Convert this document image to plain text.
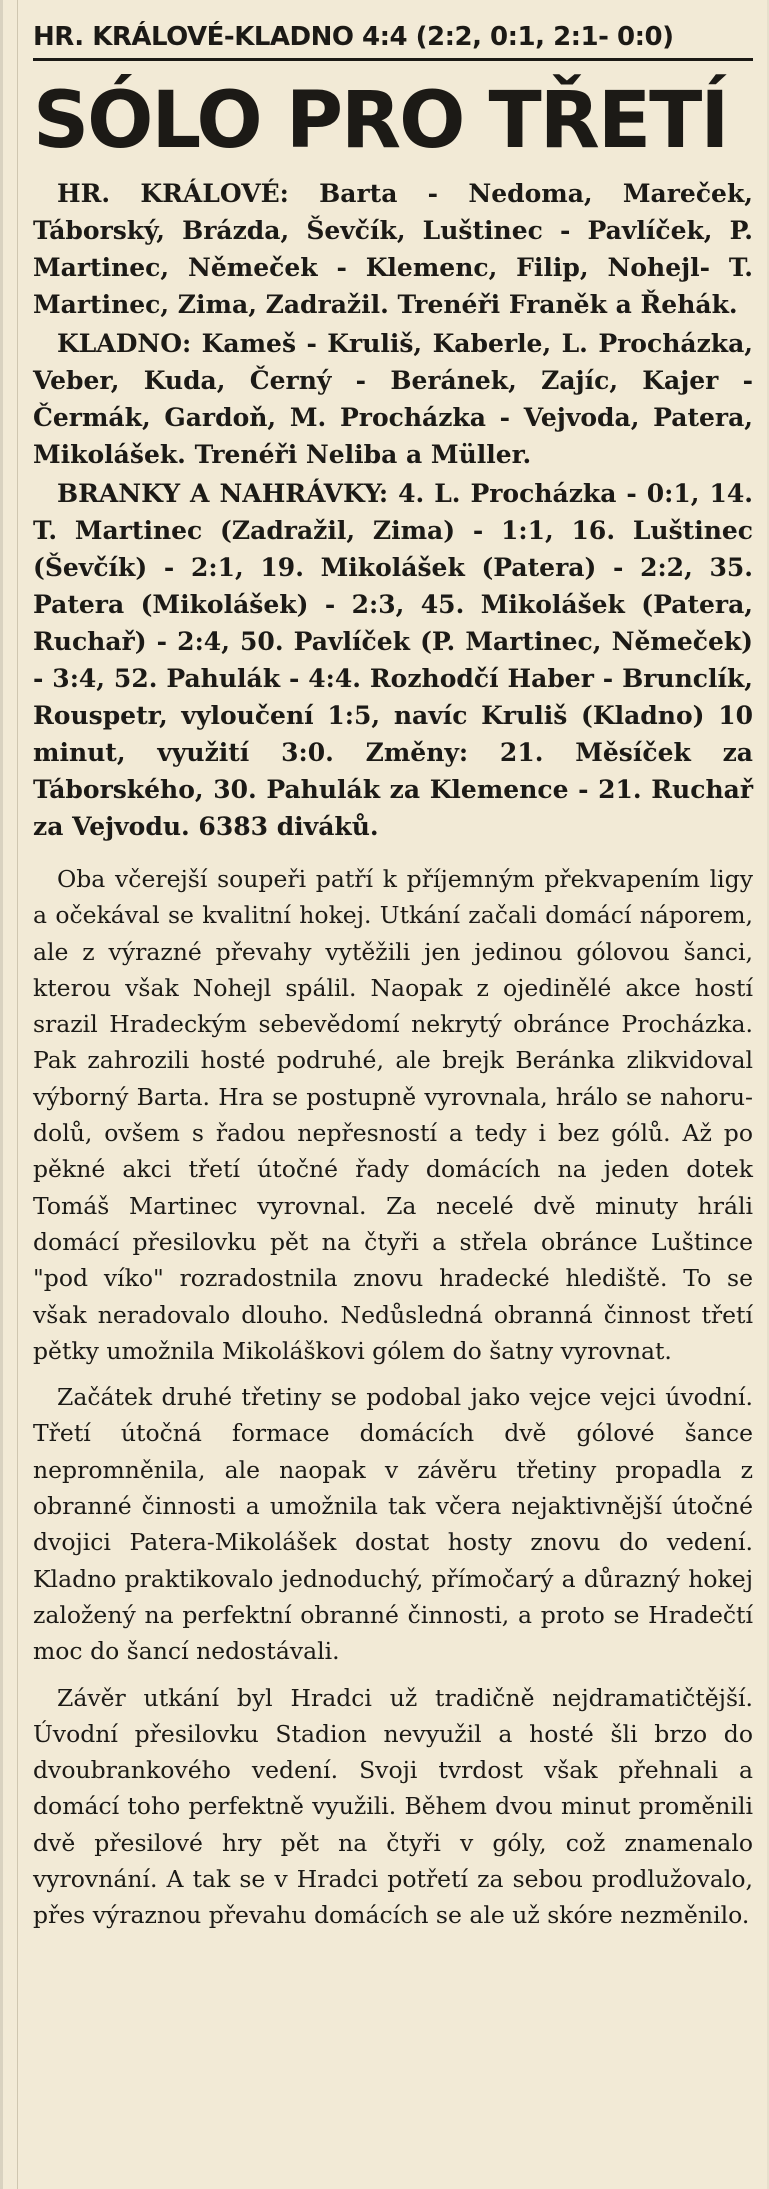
HR. KRÁLOVÉ-KLADNO 4:4 (2:2, 0:1, 2:1- 0:0)
SÓLO PRO TŘETÍ

HR. KRÁLOVÉ: Barta - Nedoma, Mareček, Táborský, Brázda, Ševčík, Luštinec - Pavlíček, P. Martinec, Němeček - Klemenc, Filip, Nohejl- T. Martinec, Zima, Zadražil. Trenéři Franěk a Řehák.

KLADNO: Kameš - Kruliš, Kaberle, L. Procházka, Veber, Kuda, Černý - Beránek, Zajíc, Kajer - Čermák, Gardoň, M. Procházka - Vejvoda, Patera, Mikolášek. Trenéři Neliba a Müller.

BRANKY A NAHRÁVKY: 4. L. Procházka - 0:1, 14. T. Martinec (Zadražil, Zima) - 1:1, 16. Luštinec (Ševčík) - 2:1, 19. Mikolášek (Patera) - 2:2, 35. Patera (Mikolášek) - 2:3, 45. Mikolášek (Patera, Ruchař) - 2:4, 50. Pavlíček (P. Martinec, Němeček) - 3:4, 52. Pahulák - 4:4. Rozhodčí Haber - Brunclík, Rouspetr, vyloučení 1:5, navíc Kruliš (Kladno) 10 minut, využití 3:0. Změny: 21. Měsíček za Táborského, 30. Pahulák za Klemence - 21. Ruchař za Vejvodu. 6383 diváků.

Oba včerejší soupeři patří k příjemným překvapením ligy a očekával se kvalitní hokej. Utkání začali domácí náporem, ale z výrazné převahy vytěžili jen jedinou gólovou šanci, kterou však Nohejl spálil. Naopak z ojedinělé akce hostí srazil Hradeckým sebevědomí nekrytý obránce Procházka. Pak zahrozili hosté podruhé, ale brejk Beránka zlikvidoval výborný Barta. Hra se postupně vyrovnala, hrálo se nahoru-dolů, ovšem s řadou nepřesností a tedy i bez gólů. Až po pěkné akci třetí útočné řady domácích na jeden dotek Tomáš Martinec vyrovnal. Za necelé dvě minuty hráli domácí přesilovku pět na čtyři a střela obránce Luštince "pod víko" rozradostnila znovu hradecké hlediště. To se však neradovalo dlouho. Nedůsledná obranná činnost třetí pětky umožnila Mikoláškovi gólem do šatny vyrovnat.

Začátek druhé třetiny se podobal jako vejce vejci úvodní. Třetí útočná formace domácích dvě gólové šance nepromněnila, ale naopak v závěru třetiny propadla z obranné činnosti a umožnila tak včera nejaktivnější útočné dvojici Patera-Mikolášek dostat hosty znovu do vedení. Kladno praktikovalo jednoduchý, přímočarý a důrazný hokej založený na perfektní obranné činnosti, a proto se Hradečtí moc do šancí nedostávali.

Závěr utkání byl Hradci už tradičně nejdramatičtější. Úvodní přesilovku Stadion nevyužil a hosté šli brzo do dvoubrankového vedení. Svoji tvrdost však přehnali a domácí toho perfektně využili. Během dvou minut proměnili dvě přesilové hry pět na čtyři v góly, což znamenalo vyrovnání. A tak se v Hradci potřetí za sebou prodlužovalo, přes výraznou převahu domácích se ale už skóre nezměnilo.
